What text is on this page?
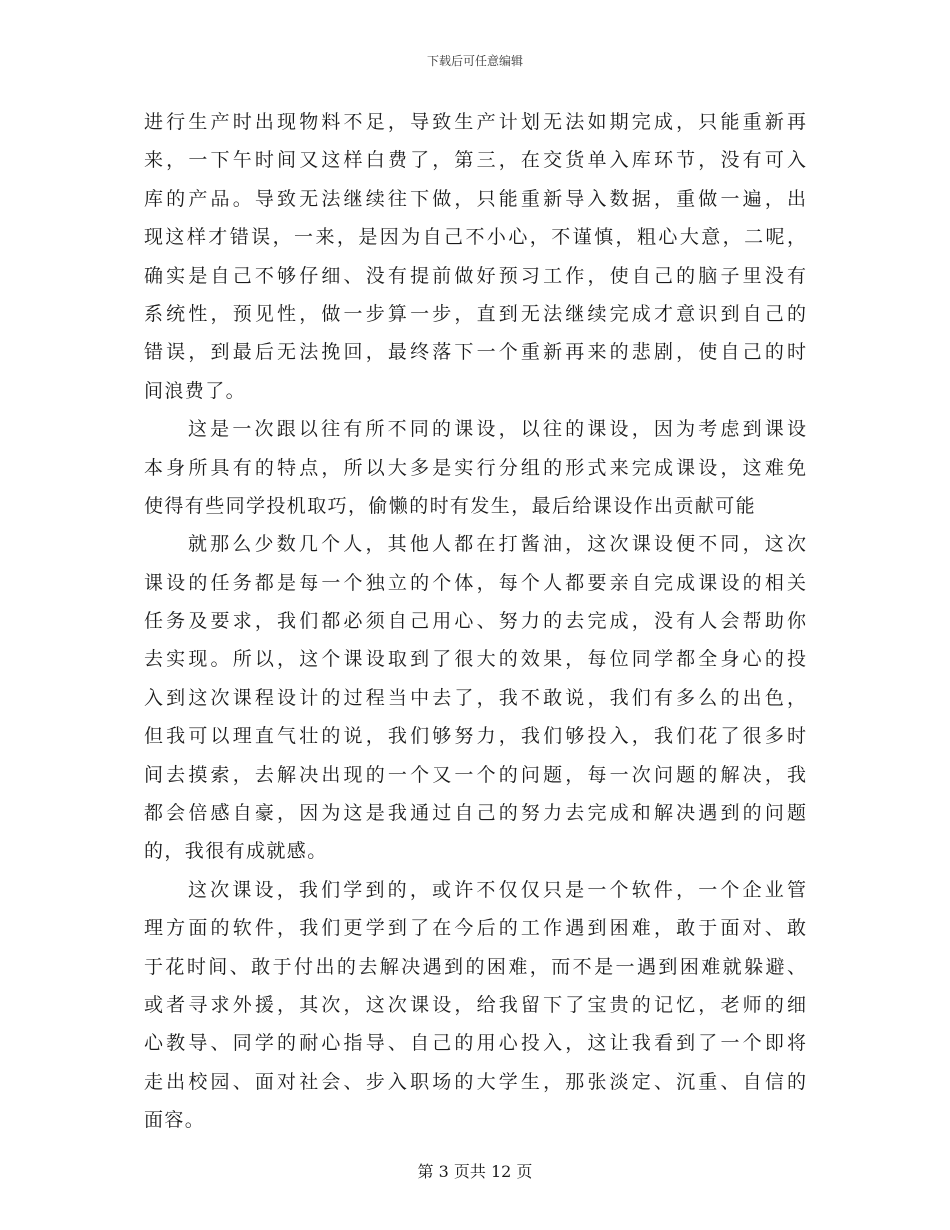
下载后可任意编辑
进行生产时出现物料不足，导致生产计划无法如期完成，只能重新再
来，一下午时间又这样白费了，第三，在交货单入库环节，没有可入
库的产品。导致无法继续往下做，只能重新导入数据，重做一遍，出
现这样才错误，一来，是因为自己不小心，不谨慎，粗心大意，二呢，
确实是自己不够仔细、没有提前做好预习工作，使自己的脑子里没有
系统性，预见性，做一步算一步，直到无法继续完成才意识到自己的
错误，到最后无法挽回，最终落下一个重新再来的悲剧，使自己的时
间浪费了。
这是一次跟以往有所不同的课设，以往的课设，因为考虑到课设
本身所具有的特点，所以大多是实行分组的形式来完成课设，这难免
使得有些同学投机取巧，偷懒的时有发生，最后给课设作出贡献可能
就那么少数几个人，其他人都在打酱油，这次课设便不同，这次
课设的任务都是每一个独立的个体，每个人都要亲自完成课设的相关
任务及要求，我们都必须自己用心、努力的去完成，没有人会帮助你
去实现。所以，这个课设取到了很大的效果，每位同学都全身心的投
入到这次课程设计的过程当中去了，我不敢说，我们有多么的出色，
但我可以理直气壮的说，我们够努力，我们够投入，我们花了很多时
间去摸索，去解决出现的一个又一个的问题，每一次问题的解决，我
都会倍感自豪，因为这是我通过自己的努力去完成和解决遇到的问题
的，我很有成就感。
这次课设，我们学到的，或许不仅仅只是一个软件，一个企业管
理方面的软件，我们更学到了在今后的工作遇到困难，敢于面对、敢
于花时间、敢于付出的去解决遇到的困难，而不是一遇到困难就躲避、
或者寻求外援，其次，这次课设，给我留下了宝贵的记忆，老师的细
心教导、同学的耐心指导、自己的用心投入，这让我看到了一个即将
走出校园、面对社会、步入职场的大学生，那张淡定、沉重、自信的
面容。
第 3 页共 12 页
